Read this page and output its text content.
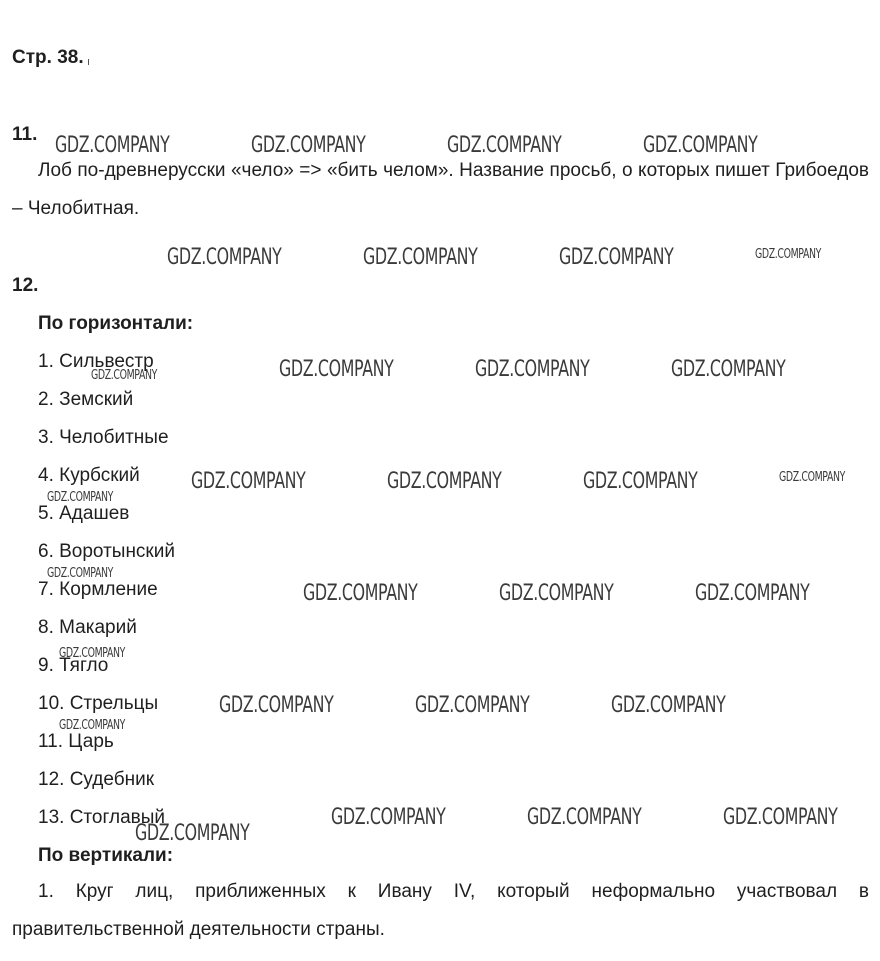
Стр. 38.
11.
Лоб по-древнерусски «чело» => «бить челом». Название просьб, о которых пишет Грибоедов – Челобитная.
12.
По горизонтали:
1. Сильвестр
2. Земский
3. Челобитные
4. Курбский
5. Адашев
6. Воротынский
7. Кормление
8. Макарий
9. Тягло
10. Стрельцы
11. Царь
12. Судебник
13. Стоглавый
По вертикали:
1. Круг лиц, приближенных к Ивану IV, который неформально участвовал в правительственной деятельности страны.
GDZ.COMPANY	GDZ.COMPANY	GDZ.COMPANY	GDZ.COMPANY
GDZ.COMPANY	GDZ.COMPANY	GDZ.COMPANY	GDZ.COMPANY
GDZ.COMPANY	GDZ.COMPANY	GDZ.COMPANY	GDZ.COMPANY
GDZ.COMPANY	GDZ.COMPANY	GDZ.COMPANY	GDZ.COMPANY
GDZ.COMPANY
GDZ.COMPANY
GDZ.COMPANY	GDZ.COMPANY	GDZ.COMPANY
GDZ.COMPANY
GDZ.COMPANY	GDZ.COMPANY	GDZ.COMPANY
GDZ.COMPANY
GDZ.COMPANY	GDZ.COMPANY	GDZ.COMPANY
GDZ.COMPANY
